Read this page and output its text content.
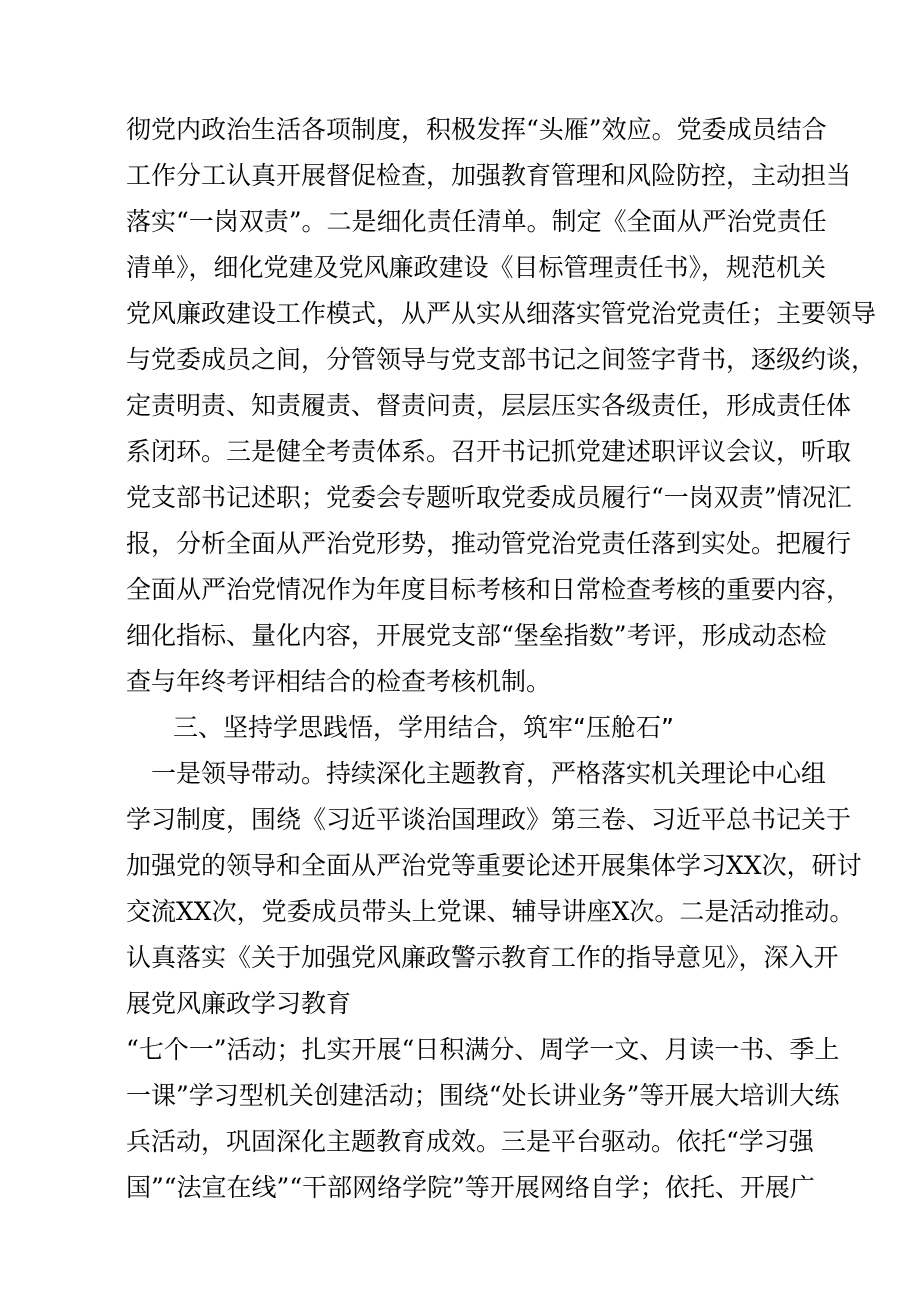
彻党内政治生活各项制度，积极发挥“头雁”效应。党委成员结合
工作分工认真开展督促检查，加强教育管理和风险防控，主动担当
落实“一岗双责”。二是细化责任清单。制定《全面从严治党责任
清单》，细化党建及党风廉政建设《目标管理责任书》，规范机关
党风廉政建设工作模式，从严从实从细落实管党治党责任；主要领导
与党委成员之间，分管领导与党支部书记之间签字背书，逐级约谈，
定责明责、知责履责、督责问责，层层压实各级责任，形成责任体
系闭环。三是健全考责体系。召开书记抓党建述职评议会议，听取
党支部书记述职；党委会专题听取党委成员履行“一岗双责”情况汇
报，分析全面从严治党形势，推动管党治党责任落到实处。把履行
全面从严治党情况作为年度目标考核和日常检查考核的重要内容，
细化指标、量化内容，开展党支部“堡垒指数”考评，形成动态检
查与年终考评相结合的检查考核机制。
三、坚持学思践悟，学用结合，筑牢“压舱石”
　一是领导带动。持续深化主题教育，严格落实机关理论中心组
学习制度，围绕《习近平谈治国理政》第三卷、习近平总书记关于
加强党的领导和全面从严治党等重要论述开展集体学习XX次，研讨
交流XX次，党委成员带头上党课、辅导讲座X次。二是活动推动。
认真落实《关于加强党风廉政警示教育工作的指导意见》，深入开
展党风廉政学习教育
“七个一”活动；扎实开展“日积满分、周学一文、月读一书、季上
一课”学习型机关创建活动；围绕“处长讲业务”等开展大培训大练
兵活动，巩固深化主题教育成效。三是平台驱动。依托“学习强
国”“法宣在线”“干部网络学院”等开展网络自学；依托、开展广
